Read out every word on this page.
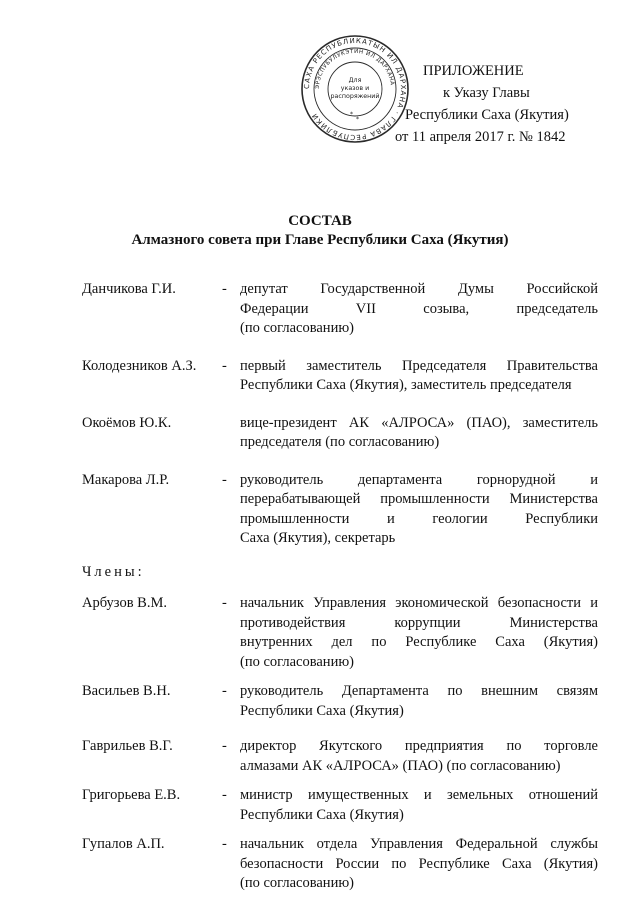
САХА РЕСПУБЛИКАТЫН ИЛ ДАРХАНА · ГЛАВА РЕСПУБЛИКИ
ЭРЭСПУБУЛУКЭТИН ИЛ ДАРХАНА
Для
указов и
распоряжений
*
*
ПРИЛОЖЕНИЕ
к Указу Главы
Республики Саха (Якутия)
от 11 апреля 2017 г. № 1842
СОСТАВ
Алмазного совета при Главе Республики Саха (Якутия)
Данчикова Г.И.	- депутат Государственной Думы Российской
Федерации VII созыва, председатель
(по согласованию)
Колодезников А.З.	- первый заместитель Председателя Правительства
Республики Саха (Якутия), заместитель председателя
Окоёмов Ю.К.	вице-президент АК «АЛРОСА» (ПАО), заместитель
председателя (по согласованию)
Макарова Л.Р.	- руководитель департамента горнорудной и
перерабатывающей промышленности Министерства
промышленности и геологии Республики
Саха (Якутия), секретарь
Члены:
Арбузов В.М.	- начальник Управления экономической безопасности и
противодействия коррупции Министерства
внутренних дел по Республике Саха (Якутия)
(по согласованию)
Васильев В.Н.	- руководитель Департамента по внешним связям
Республики Саха (Якутия)
Гаврильев В.Г.	- директор Якутского предприятия по торговле
алмазами АК «АЛРОСА» (ПАО) (по согласованию)
Григорьева Е.В.	- министр имущественных и земельных отношений
Республики Саха (Якутия)
Гупалов А.П.	- начальник отдела Управления Федеральной службы
безопасности России по Республике Саха (Якутия)
(по согласованию)
